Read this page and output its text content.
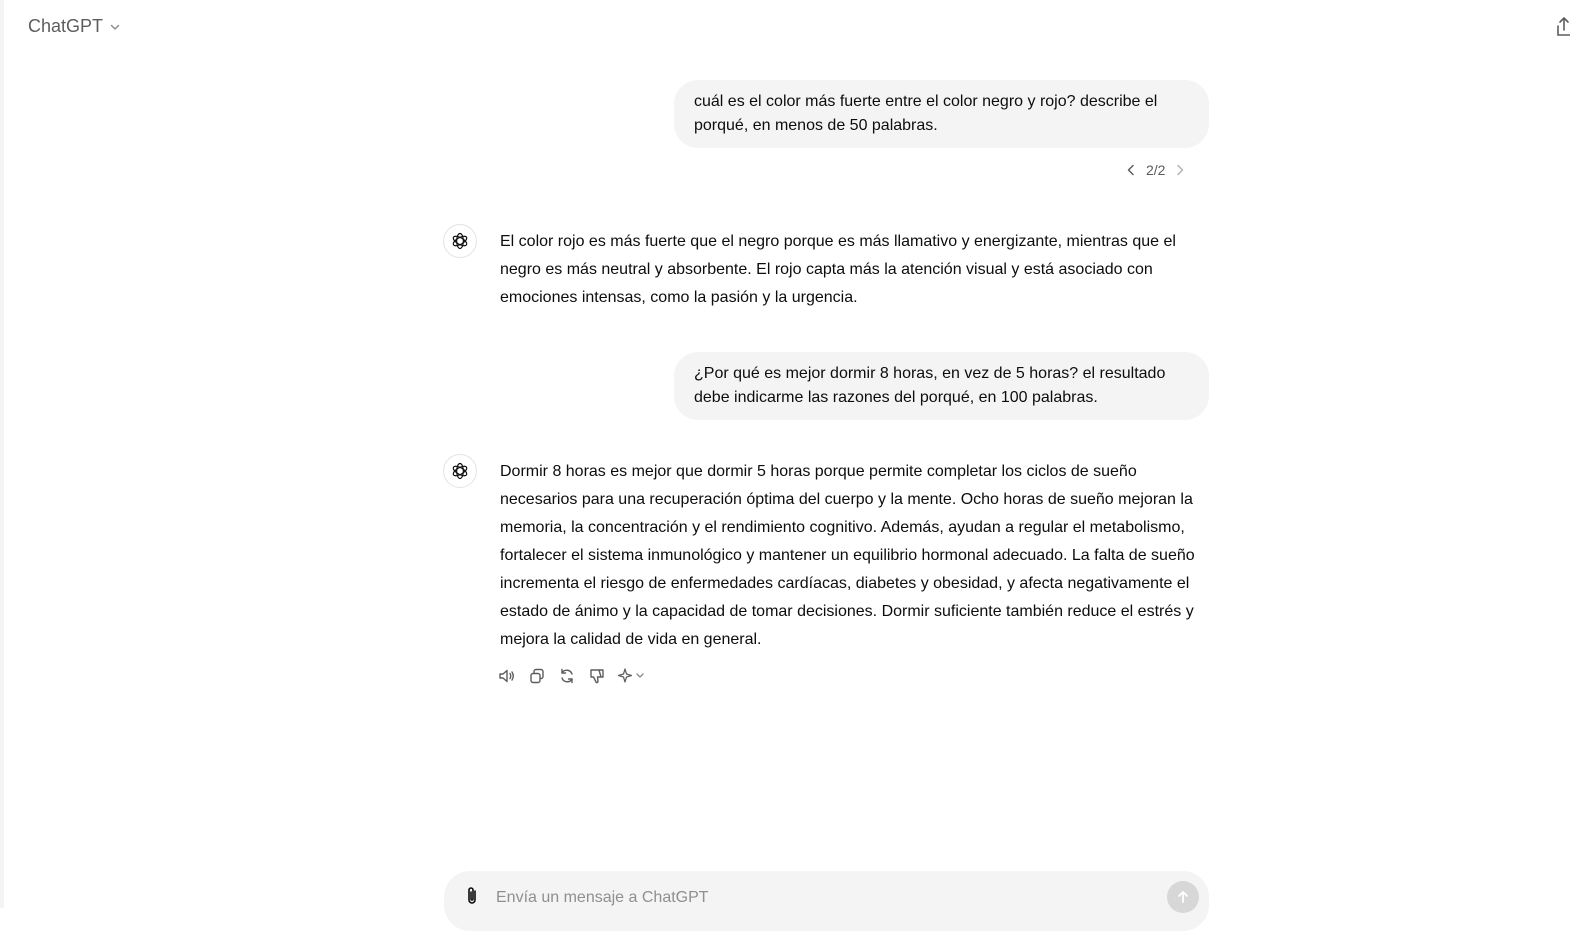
ChatGPT
cuál es el color más fuerte entre el color negro y rojo? describe el porqué, en menos de 50 palabras.
2/2
El color rojo es más fuerte que el negro porque es más llamativo y energizante, mientras que el negro es más neutral y absorbente. El rojo capta más la atención visual y está asociado con emociones intensas, como la pasión y la urgencia.
¿Por qué es mejor dormir 8 horas, en vez de 5 horas? el resultado debe indicarme las razones del porqué, en 100 palabras.
Dormir 8 horas es mejor que dormir 5 horas porque permite completar los ciclos de sueño necesarios para una recuperación óptima del cuerpo y la mente. Ocho horas de sueño mejoran la memoria, la concentración y el rendimiento cognitivo. Además, ayudan a regular el metabolismo, fortalecer el sistema inmunológico y mantener un equilibrio hormonal adecuado. La falta de sueño incrementa el riesgo de enfermedades cardíacas, diabetes y obesidad, y afecta negativamente el estado de ánimo y la capacidad de tomar decisiones. Dormir suficiente también reduce el estrés y mejora la calidad de vida en general.
Envía un mensaje a ChatGPT
